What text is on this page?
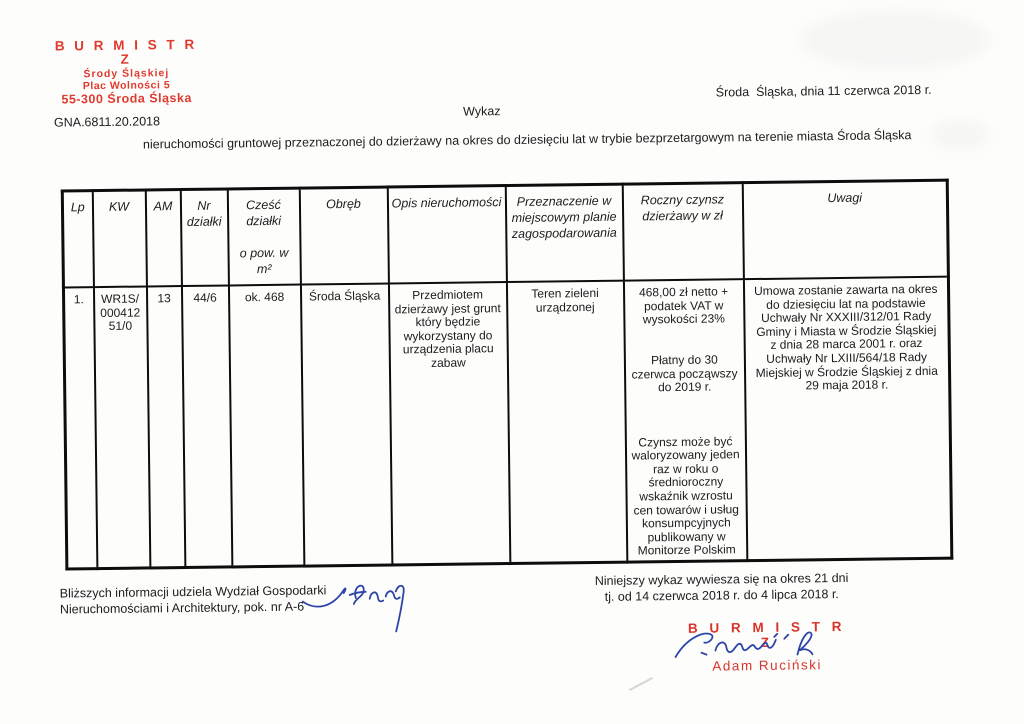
B U R M I S T R Z
Środy Śląskiej
Plac Wolności 5
55-300 Środa Śląska
GNA.6811.20.2018
Środa  Śląska, dnia 11 czerwca 2018 r.
Wykaz
nieruchomości gruntowej przeznaczonej do dzierżawy na okres do dziesięciu lat w trybie bezprzetargowym na terenie miasta Środa Śląska
Lp	KW	AM	Nr
działki	Cześć
działki

o pow. w
m²	Obręb	Opis nieruchomości	Przeznaczenie w
miejscowym planie
zagospodarowania	Roczny czynsz
dzierżawy w zł	Uwagi
1.	WR1S/
000412
51/0	13	44/6	ok. 468	Środa Śląska	Przedmiotem
dzierżawy jest grunt
który będzie
wykorzystany do
urządzenia placu
zabaw	Teren zieleni
urządzonej	468,00 zł netto +
podatek VAT w
wysokości 23%

Płatny do 30
czerwca począwszy
do 2019 r.

Czynsz może być
waloryzowany jeden
raz w roku o
średnioroczny
wskaźnik wzrostu
cen towarów i usług
konsumpcyjnych
publikowany w
Monitorze Polskim	Umowa zostanie zawarta na okres
do dziesięciu lat na podstawie
Uchwały Nr XXXIII/312/01 Rady
Gminy i Miasta w Środzie Śląskiej
z dnia 28 marca 2001 r. oraz
Uchwały Nr LXIII/564/18 Rady
Miejskiej w Środzie Śląskiej z dnia
29 maja 2018 r.
Bliższych informacji udziela Wydział Gospodarki
Nieruchomościami i Architektury, pok. nr A-6
Niniejszy wykaz wywiesza się na okres 21 dni
tj. od 14 czerwca 2018 r. do 4 lipca 2018 r.
B U R M I S T R Z
Adam Ruciński
